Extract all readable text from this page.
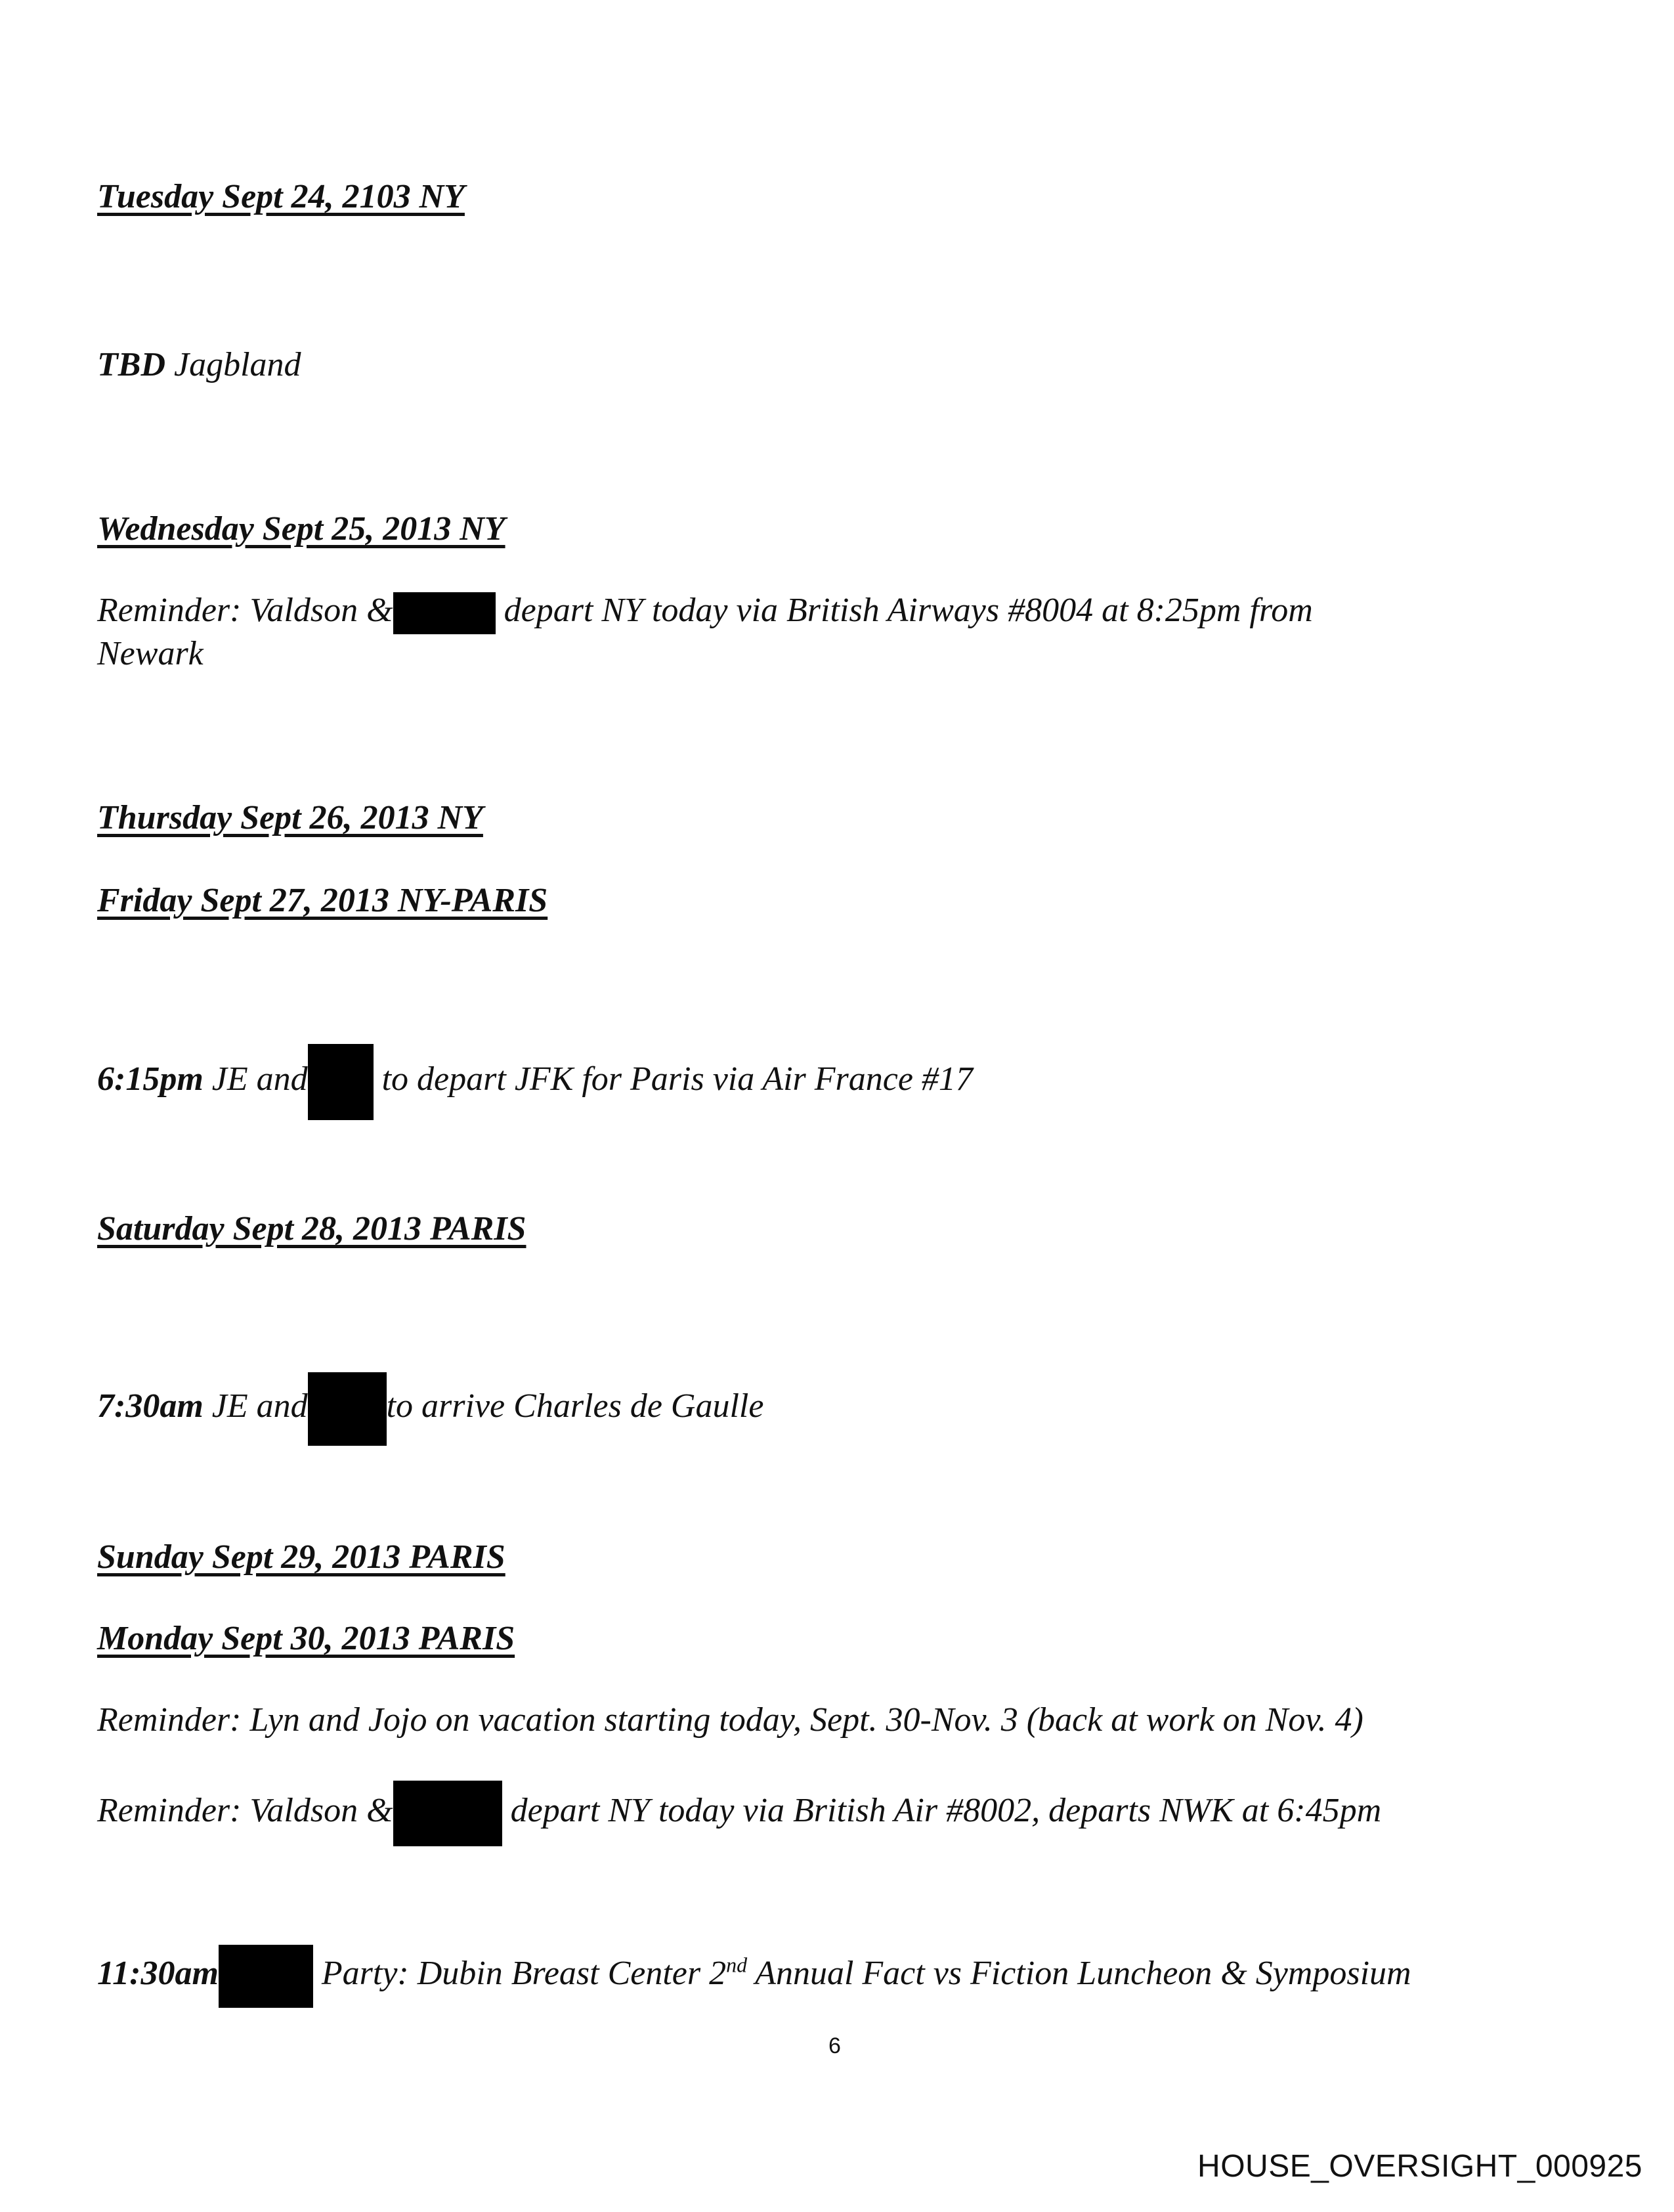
Tuesday Sept 24, 2103 NY

TBD Jagbland

Wednesday Sept 25, 2013 NY

Reminder: Valdson &	depart NY today via British Airways #8004 at 8:25pm from

Newark

Thursday Sept 26, 2013 NY

Friday Sept 27, 2013 NY-PARIS

6:15pm JE and to depart JFK for Paris via Air France #17

Saturday Sept 28, 2013 PARIS

7:30am JE and to arrive Charles de Gaulle

Sunday Sept 29, 2013 PARIS

Monday Sept 30, 2013 PARIS

Reminder: Lyn and Jojo on vacation starting today, Sept. 30-Nov. 3 (back at work on Nov. 4)

Reminder: Valdson &	depart NY today via British Air #8002, departs NWK at 6:45pm

11:30am	Party: Dubin Breast Center 2nd Annual Fact vs Fiction Luncheon & Symposium

6
HOUSE_OVERSIGHT_000925
